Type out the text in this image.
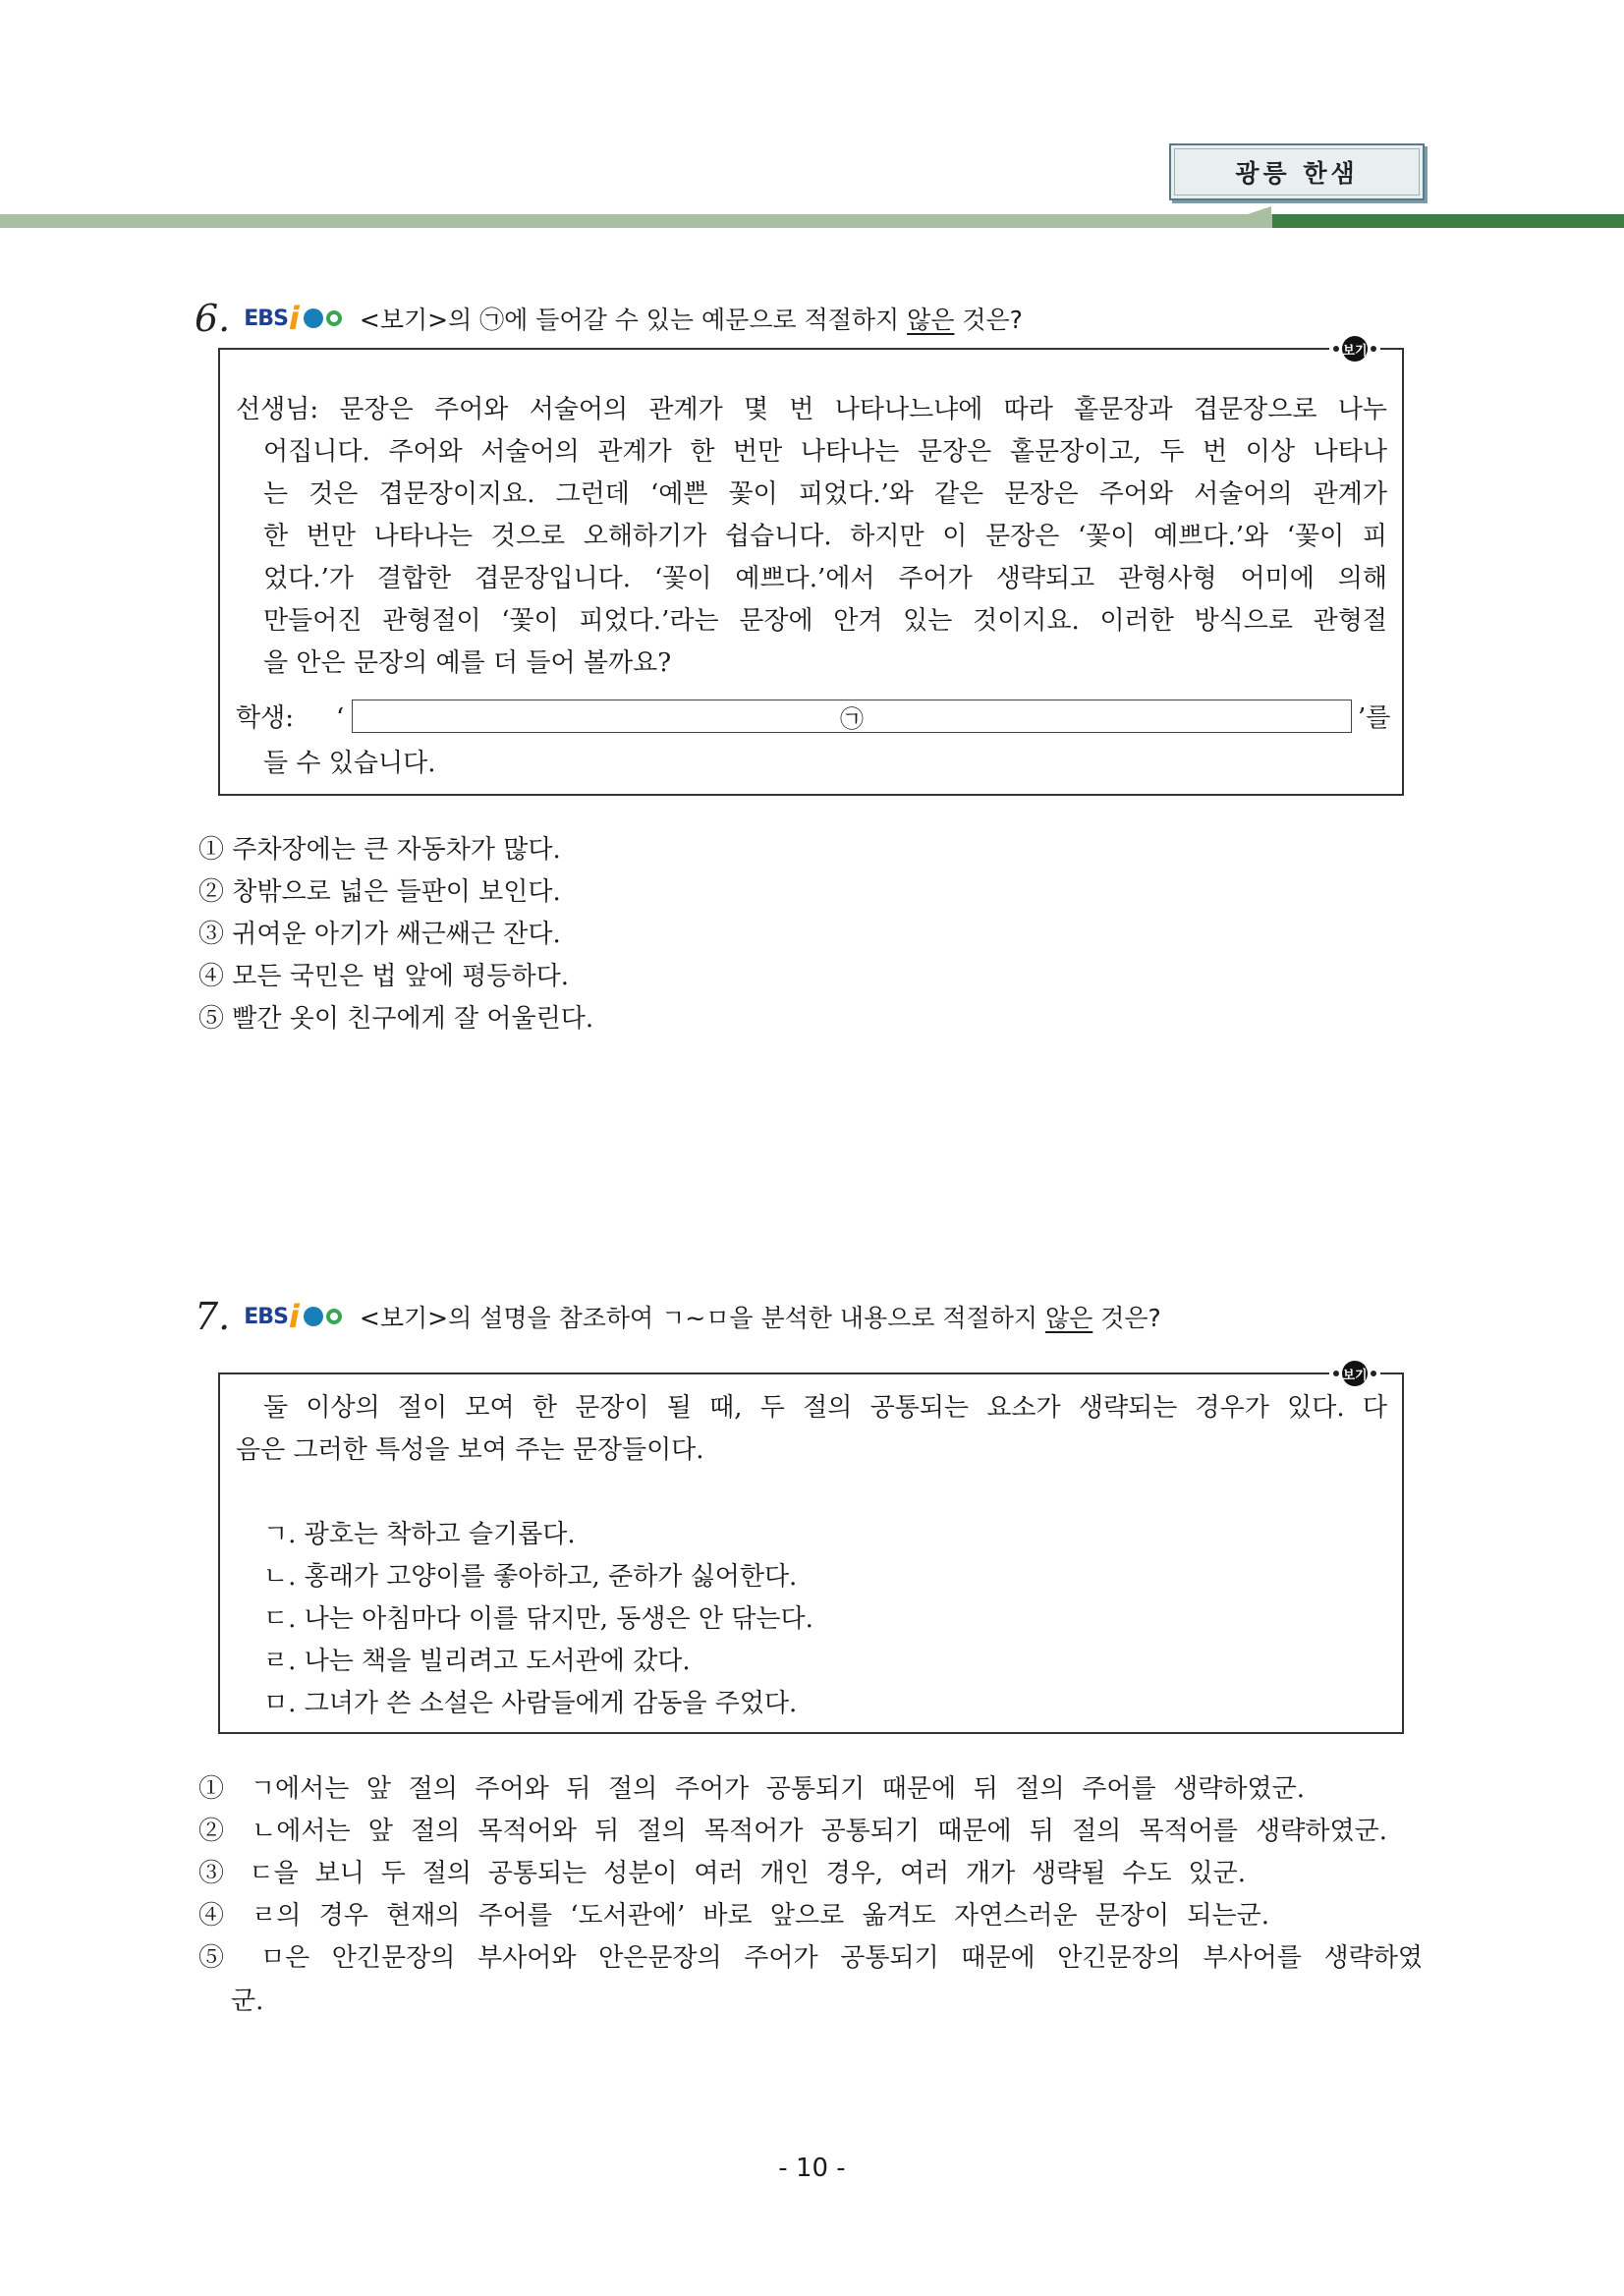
광릉 한샘
6. EBS i <보기>의 ㉠에 들어갈 수 있는 예문으로 적절하지 않은 것은?
보기
선생님: 문장은 주어와 서술어의 관계가 몇 번 나타나느냐에 따라 홑문장과 겹문장으로 나누
어집니다. 주어와 서술어의 관계가 한 번만 나타나는 문장은 홑문장이고, 두 번 이상 나타나
는 것은 겹문장이지요. 그런데 ‘예쁜 꽃이 피었다.’와 같은 문장은 주어와 서술어의 관계가
한 번만 나타나는 것으로 오해하기가 쉽습니다. 하지만 이 문장은 ‘꽃이 예쁘다.’와 ‘꽃이 피
었다.’가 결합한 겹문장입니다. ‘꽃이 예쁘다.’에서 주어가 생략되고 관형사형 어미에 의해
만들어진 관형절이 ‘꽃이 피었다.’라는 문장에 안겨 있는 것이지요. 이러한 방식으로 관형절
을 안은 문장의 예를 더 들어 볼까요?
학생: ‘	㉠	’를
들 수 있습니다.
① 주차장에는 큰 자동차가 많다.
② 창밖으로 넓은 들판이 보인다.
③ 귀여운 아기가 쌔근쌔근 잔다.
④ 모든 국민은 법 앞에 평등하다.
⑤ 빨간 옷이 친구에게 잘 어울린다.
7. EBS i <보기>의 설명을 참조하여 ㄱ~ㅁ을 분석한 내용으로 적절하지 않은 것은?
보기
둘 이상의 절이 모여 한 문장이 될 때, 두 절의 공통되는 요소가 생략되는 경우가 있다. 다
음은 그러한 특성을 보여 주는 문장들이다.
ㄱ. 광호는 착하고 슬기롭다.
ㄴ. 홍래가 고양이를 좋아하고, 준하가 싫어한다.
ㄷ. 나는 아침마다 이를 닦지만, 동생은 안 닦는다.
ㄹ. 나는 책을 빌리려고 도서관에 갔다.
ㅁ. 그녀가 쓴 소설은 사람들에게 감동을 주었다.
① ㄱ에서는 앞 절의 주어와 뒤 절의 주어가 공통되기 때문에 뒤 절의 주어를 생략하였군.
② ㄴ에서는 앞 절의 목적어와 뒤 절의 목적어가 공통되기 때문에 뒤 절의 목적어를 생략하였군.
③ ㄷ을 보니 두 절의 공통되는 성분이 여러 개인 경우, 여러 개가 생략될 수도 있군.
④ ㄹ의 경우 현재의 주어를 ‘도서관에’ 바로 앞으로 옮겨도 자연스러운 문장이 되는군.
⑤ ㅁ은 안긴문장의 부사어와 안은문장의 주어가 공통되기 때문에 안긴문장의 부사어를 생략하였
군.
- 10 -
